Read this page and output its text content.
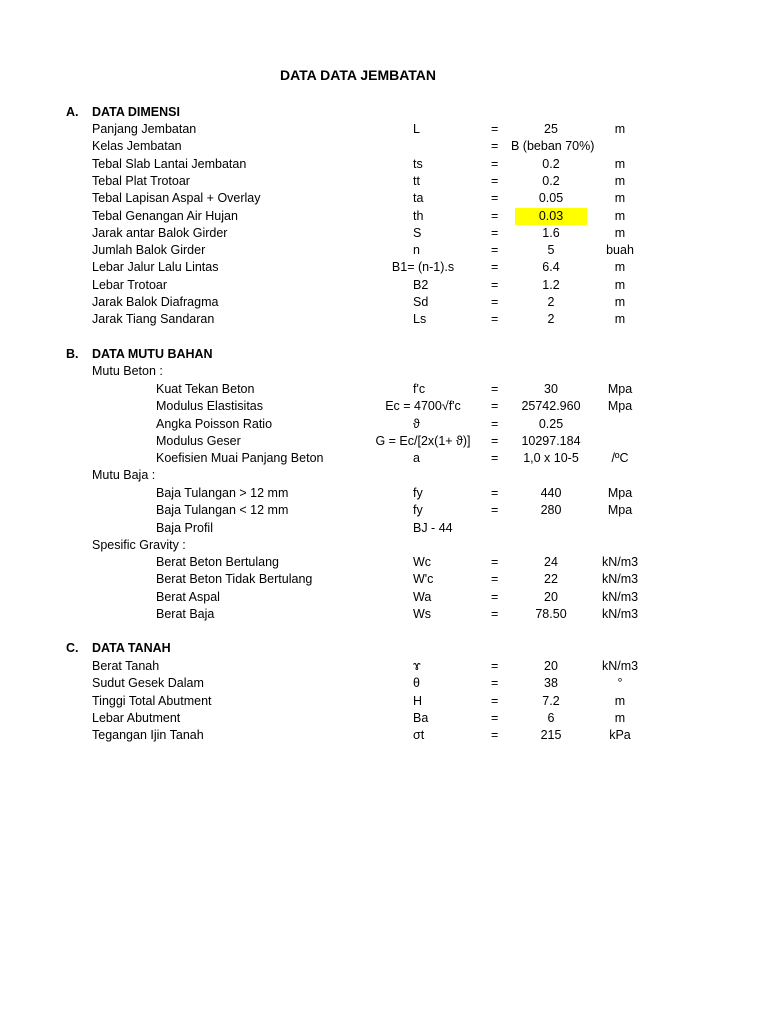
DATA DATA JEMBATAN
A. DATA DIMENSI
Panjang Jembatan	L	=	25	m
Kelas Jembatan	= B (beban 70%)
Tebal Slab Lantai Jembatan	ts	=	0.2	m
Tebal Plat Trotoar	tt	=	0.2	m
Tebal Lapisan Aspal + Overlay	ta	=	0.05	m
Tebal Genangan Air Hujan	th	=	0.03	m
Jarak antar Balok Girder	S	=	1.6	m
Jumlah Balok Girder	n	=	5	buah
Lebar Jalur Lalu Lintas	B1= (n-1).s	=	6.4	m
Lebar Trotoar	B2	=	1.2	m
Jarak Balok Diafragma	Sd	=	2	m
Jarak Tiang Sandaran	Ls	=	2	m
B. DATA MUTU BAHAN
Mutu Beton :
Kuat Tekan Beton	f'c	=	30	Mpa
Modulus Elastisitas	Ec = 4700√f'c	=	25742.960	Mpa
Angka Poisson Ratio	ϑ	=	0.25
Modulus Geser	G = Ec/[2x(1+ ϑ)]	=	10297.184
Koefisien Muai Panjang Beton	a	=	1,0 x 10-5	/ºC
Mutu Baja :
Baja Tulangan > 12 mm	fy	=	440	Mpa
Baja Tulangan < 12 mm	fy	=	280	Mpa
Baja Profil	BJ - 44
Spesific Gravity :
Berat Beton Bertulang	Wc	=	24	kN/m3
Berat Beton Tidak Bertulang	W'c	=	22	kN/m3
Berat Aspal	Wa	=	20	kN/m3
Berat Baja	Ws	=	78.50	kN/m3
C. DATA TANAH
Berat Tanah	ɤ	=	20	kN/m3
Sudut Gesek Dalam	θ	=	38	°
Tinggi Total Abutment	H	=	7.2	m
Lebar Abutment	Ba	=	6	m
Tegangan Ijin Tanah	σt	=	215	kPa
